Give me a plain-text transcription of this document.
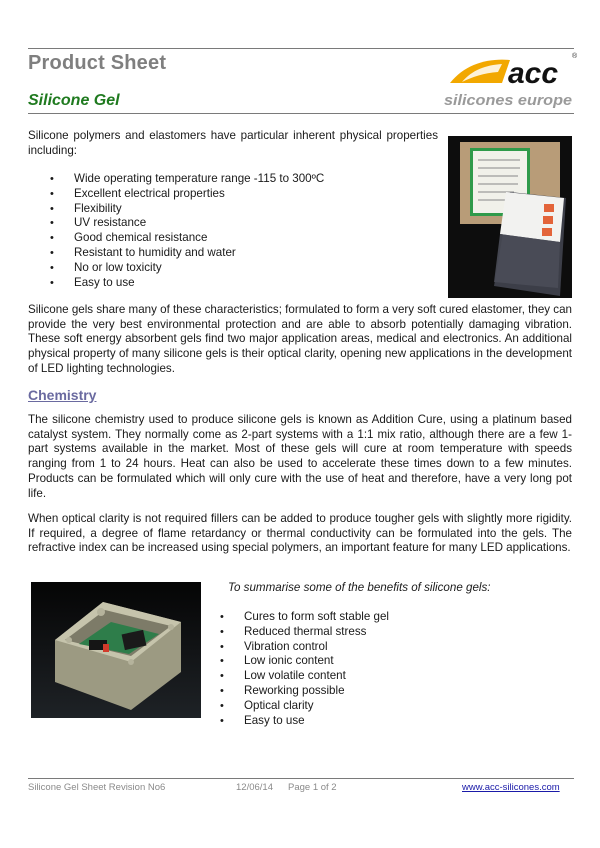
Product Sheet
Silicone Gel
acc
®
silicones europe

Silicone polymers and elastomers have particular inherent physical properties including:

• Wide operating temperature range -115 to 300ºC
• Excellent electrical properties
• Flexibility
• UV resistance
• Good chemical resistance
• Resistant to humidity and water
• No or low toxicity
• Easy to use

Silicone gels share many of these characteristics; formulated to form a very soft cured elastomer, they can provide the very best environmental protection and are able to absorb potentially damaging vibration. These soft energy absorbent gels find two major application areas, medical and electronics. An additional physical property of many silicone gels is their optical clarity, opening new applications in the development of LED lighting technologies.

Chemistry

The silicone chemistry used to produce silicone gels is known as Addition Cure, using a platinum based catalyst system. They normally come as 2-part systems with a 1:1 mix ratio, although there are a few 1-part systems available in the market. Most of these gels will cure at room temperature with speeds ranging from 1 to 24 hours. Heat can also be used to accelerate these times down to a few minutes. Products can be formulated which will only cure with the use of heat and therefore, have a very long pot life.

When optical clarity is not required fillers can be added to produce tougher gels with slightly more rigidity. If required, a degree of flame retardancy or thermal conductivity can be formulated into the gels. The refractive index can be increased using special polymers, an important feature for many LED applications.

To summarise some of the benefits of silicone gels:
• Cures to form soft stable gel
• Reduced thermal stress
• Vibration control
• Low ionic content
• Low volatile content
• Reworking possible
• Optical clarity
• Easy to use
Silicone Gel Sheet Revision No6	12/06/14 Page 1 of 2	www.acc-silicones.com
